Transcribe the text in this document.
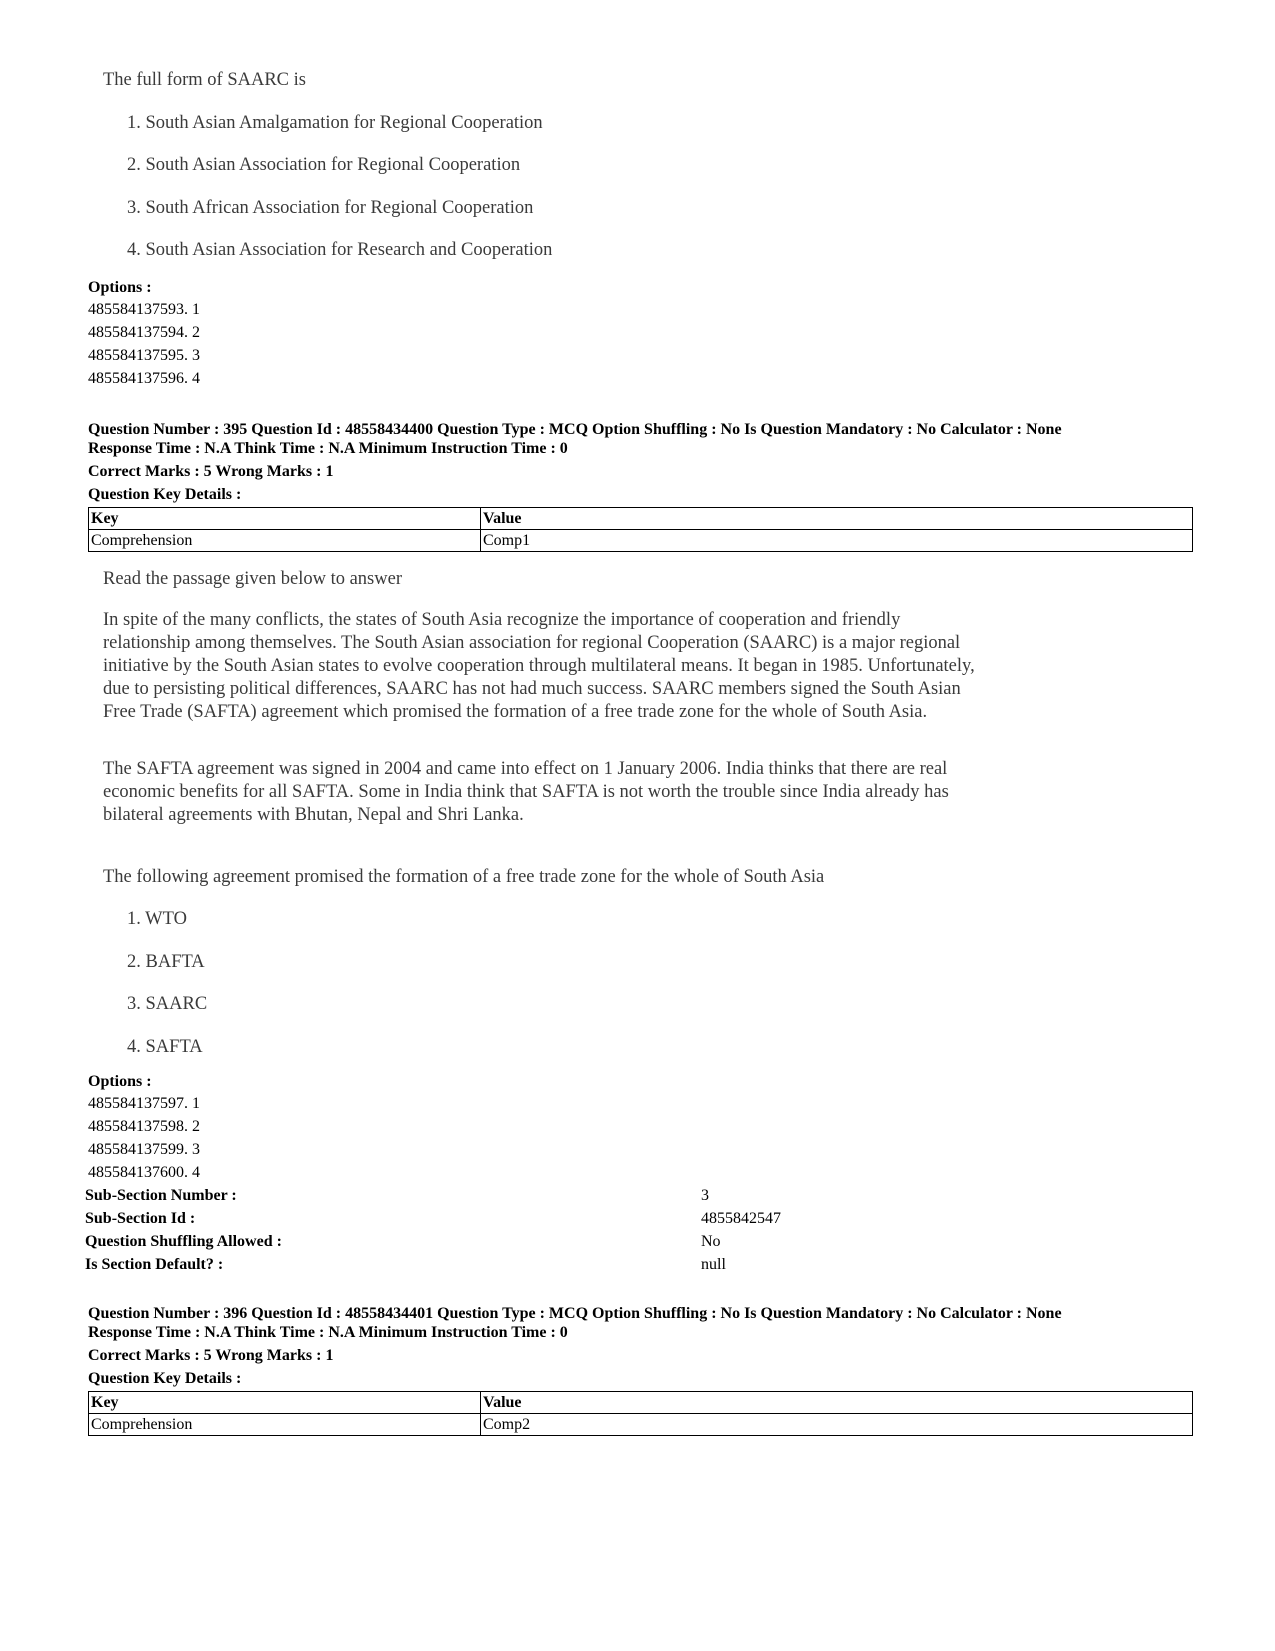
The full form of SAARC is
1. South Asian Amalgamation for Regional Cooperation
2. South Asian Association for Regional Cooperation
3. South African Association for Regional Cooperation
4. South Asian Association for Research and Cooperation
Options :
485584137593. 1
485584137594. 2
485584137595. 3
485584137596. 4
Question Number : 395 Question Id : 48558434400 Question Type : MCQ Option Shuffling : No Is Question Mandatory : No Calculator : None
Response Time : N.A Think Time : N.A Minimum Instruction Time : 0
Correct Marks : 5 Wrong Marks : 1
Question Key Details :
Key	Value
Comprehension	Comp1
Read the passage given below to answer
In spite of the many conflicts, the states of South Asia recognize the importance of cooperation and friendly relationship among themselves. The South Asian association for regional Cooperation (SAARC) is a major regional initiative by the South Asian states to evolve cooperation through multilateral means. It began in 1985. Unfortunately, due to persisting political differences, SAARC has not had much success. SAARC members signed the South Asian Free Trade (SAFTA) agreement which promised the formation of a free trade zone for the whole of South Asia.
The SAFTA agreement was signed in 2004 and came into effect on 1 January 2006. India thinks that there are real economic benefits for all SAFTA. Some in India think that SAFTA is not worth the trouble since India already has bilateral agreements with Bhutan, Nepal and Shri Lanka.
The following agreement promised the formation of a free trade zone for the whole of South Asia
1. WTO
2. BAFTA
3. SAARC
4. SAFTA
Options :
485584137597. 1
485584137598. 2
485584137599. 3
485584137600. 4
Sub-Section Number :	3
Sub-Section Id :	4855842547
Question Shuffling Allowed :	No
Is Section Default? :	null
Question Number : 396 Question Id : 48558434401 Question Type : MCQ Option Shuffling : No Is Question Mandatory : No Calculator : None
Response Time : N.A Think Time : N.A Minimum Instruction Time : 0
Correct Marks : 5 Wrong Marks : 1
Question Key Details :
Key	Value
Comprehension	Comp2
